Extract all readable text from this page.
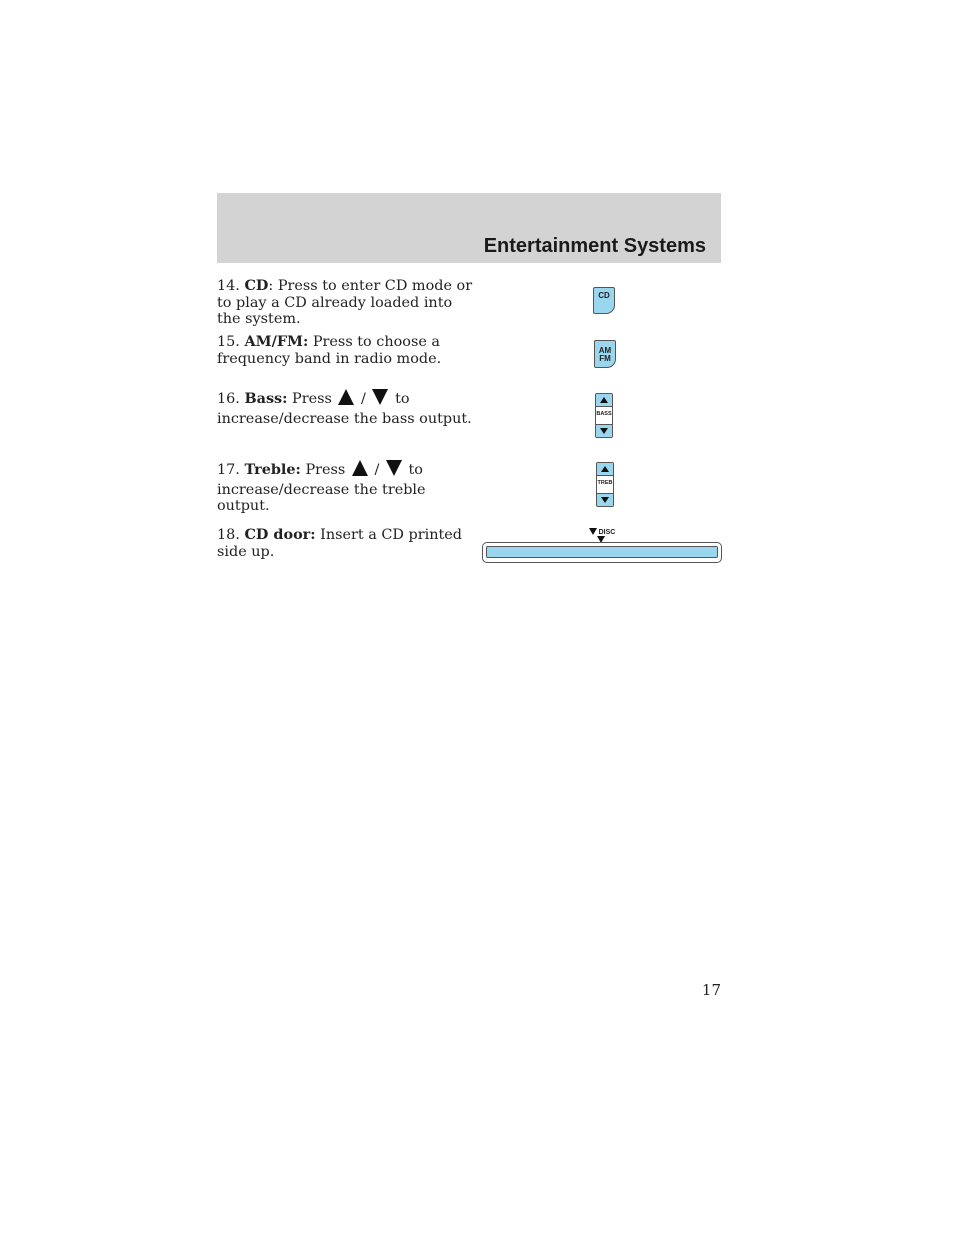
Entertainment Systems

14. CD: Press to enter CD mode or to play a CD already loaded into the system.

CD

15. AM/FM: Press to choose a frequency band in radio mode.	AM
FM

16. Bass: Press  /  to
increase/decrease the bass output.	BASS

17. Treble: Press  /  to
increase/decrease the treble output.

TREB

18. CD door: Insert a CD printed side up.

DISC

17
